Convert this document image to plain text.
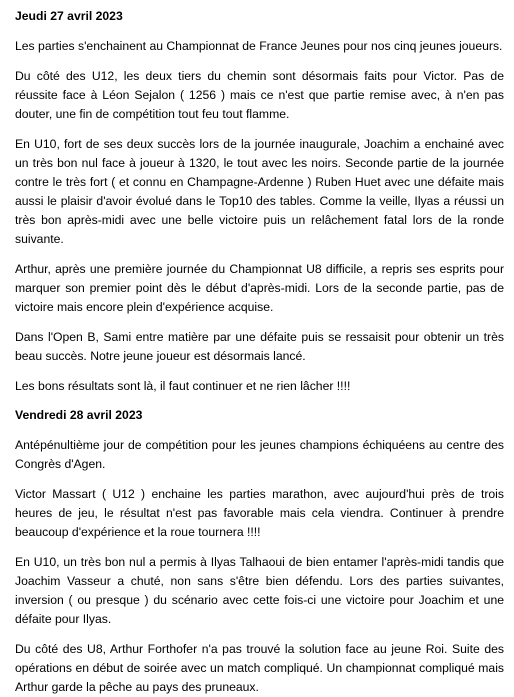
Jeudi 27 avril 2023

Les parties s'enchainent au Championnat de France Jeunes pour nos cinq jeunes joueurs.

Du côté des U12, les deux tiers du chemin sont désormais faits pour Victor. Pas de réussite face à Léon Sejalon ( 1256 ) mais ce n'est que partie remise avec, à n'en pas douter, une fin de compétition tout feu tout flamme.

En U10, fort de ses deux succès lors de la journée inaugurale, Joachim a enchainé avec un très bon nul face à joueur à 1320, le tout avec les noirs. Seconde partie de la journée contre le très fort ( et connu en Champagne-Ardenne ) Ruben Huet avec une défaite mais aussi le plaisir d'avoir évolué dans le Top10 des tables. Comme la veille, Ilyas a réussi un très bon après-midi avec une belle victoire puis un relâchement fatal lors de la ronde suivante.

Arthur, après une première journée du Championnat U8 difficile, a repris ses esprits pour marquer son premier point dès le début d'après-midi. Lors de la seconde partie, pas de victoire mais encore plein d'expérience acquise.

Dans l'Open B, Sami entre matière par une défaite puis se ressaisit pour obtenir un très beau succès. Notre jeune joueur est désormais lancé.

Les bons résultats sont là, il faut continuer et ne rien lâcher !!!!

Vendredi 28 avril 2023

Antépénultième jour de compétition pour les jeunes champions échiquéens au centre des Congrès d'Agen.

Victor Massart ( U12 ) enchaine les parties marathon, avec aujourd'hui près de trois heures de jeu, le résultat n'est pas favorable mais cela viendra. Continuer à prendre beaucoup d'expérience et la roue tournera !!!!

En U10, un très bon nul a permis à Ilyas Talhaoui de bien entamer l'après-midi tandis que Joachim Vasseur a chuté, non sans s'être bien défendu. Lors des parties suivantes, inversion ( ou presque ) du scénario avec cette fois-ci une victoire pour Joachim et une défaite pour Ilyas.

Du côté des U8, Arthur Forthofer n'a pas trouvé la solution face au jeune Roi. Suite des opérations en début de soirée avec un match compliqué. Un championnat compliqué mais Arthur garde la pêche au pays des pruneaux.
